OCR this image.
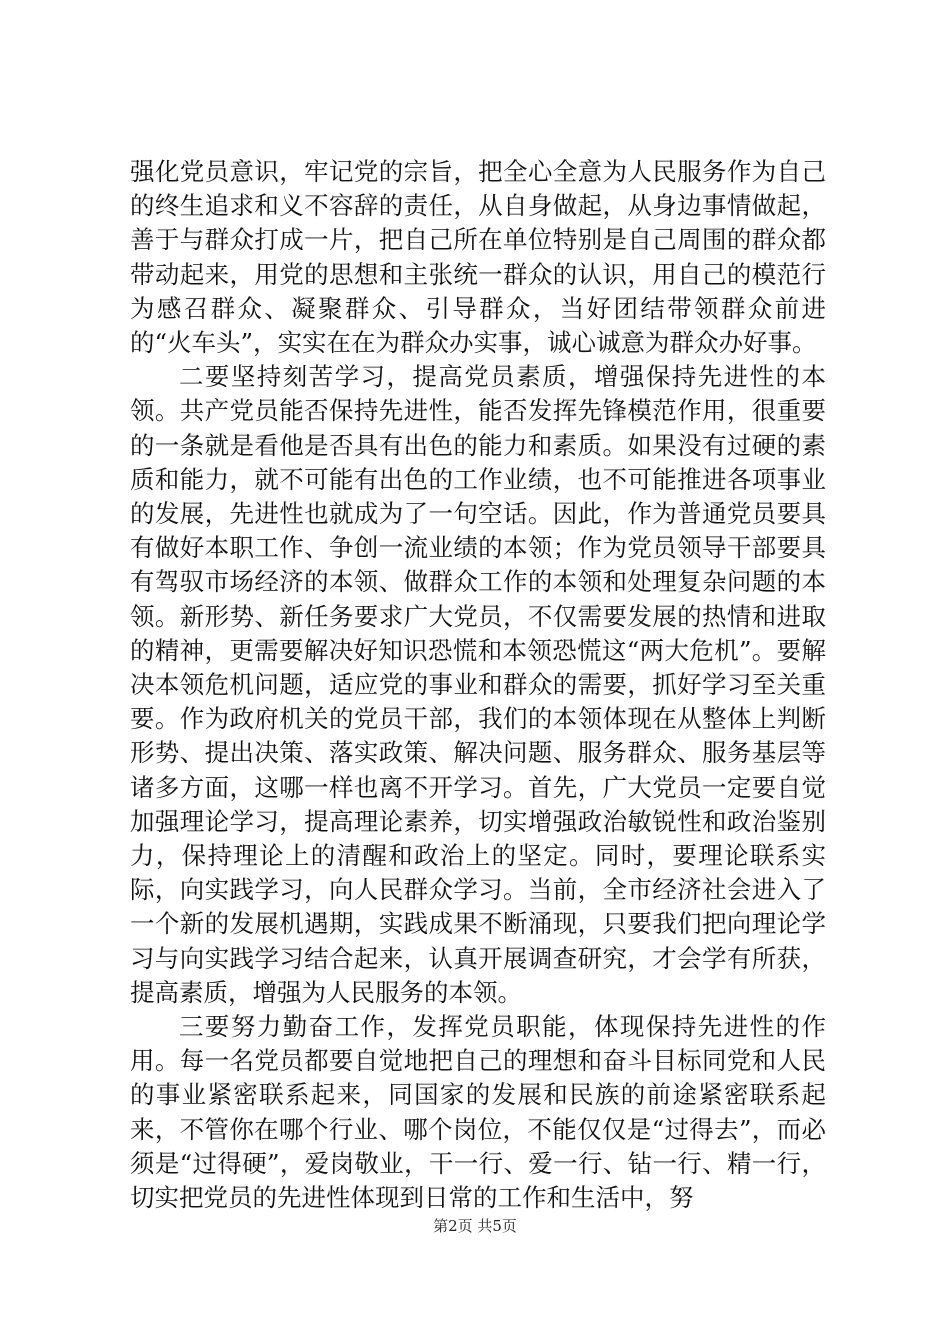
强化党员意识，牢记党的宗旨，把全心全意为人民服务作为自己的终生追求和义不容辞的责任，从自身做起，从身边事情做起，善于与群众打成一片，把自己所在单位特别是自己周围的群众都带动起来，用党的思想和主张统一群众的认识，用自己的模范行为感召群众、凝聚群众、引导群众，当好团结带领群众前进的“火车头”，实实在在为群众办实事，诚心诚意为群众办好事。

二要坚持刻苦学习，提高党员素质，增强保持先进性的本领。共产党员能否保持先进性，能否发挥先锋模范作用，很重要的一条就是看他是否具有出色的能力和素质。如果没有过硬的素质和能力，就不可能有出色的工作业绩，也不可能推进各项事业的发展，先进性也就成为了一句空话。因此，作为普通党员要具有做好本职工作、争创一流业绩的本领；作为党员领导干部要具有驾驭市场经济的本领、做群众工作的本领和处理复杂问题的本领。新形势、新任务要求广大党员，不仅需要发展的热情和进取的精神，更需要解决好知识恐慌和本领恐慌这“两大危机”。要解决本领危机问题，适应党的事业和群众的需要，抓好学习至关重要。作为政府机关的党员干部，我们的本领体现在从整体上判断形势、提出决策、落实政策、解决问题、服务群众、服务基层等诸多方面，这哪一样也离不开学习。首先，广大党员一定要自觉加强理论学习，提高理论素养，切实增强政治敏锐性和政治鉴别力，保持理论上的清醒和政治上的坚定。同时，要理论联系实际，向实践学习，向人民群众学习。当前，全市经济社会进入了一个新的发展机遇期，实践成果不断涌现，只要我们把向理论学习与向实践学习结合起来，认真开展调查研究，才会学有所获，提高素质，增强为人民服务的本领。

三要努力勤奋工作，发挥党员职能，体现保持先进性的作用。每一名党员都要自觉地把自己的理想和奋斗目标同党和人民的事业紧密联系起来，同国家的发展和民族的前途紧密联系起来，不管你在哪个行业、哪个岗位，不能仅仅是“过得去”，而必须是“过得硬”，爱岗敬业，干一行、爱一行、钻一行、精一行，切实把党员的先进性体现到日常的工作和生活中，努

第2页 共5页
